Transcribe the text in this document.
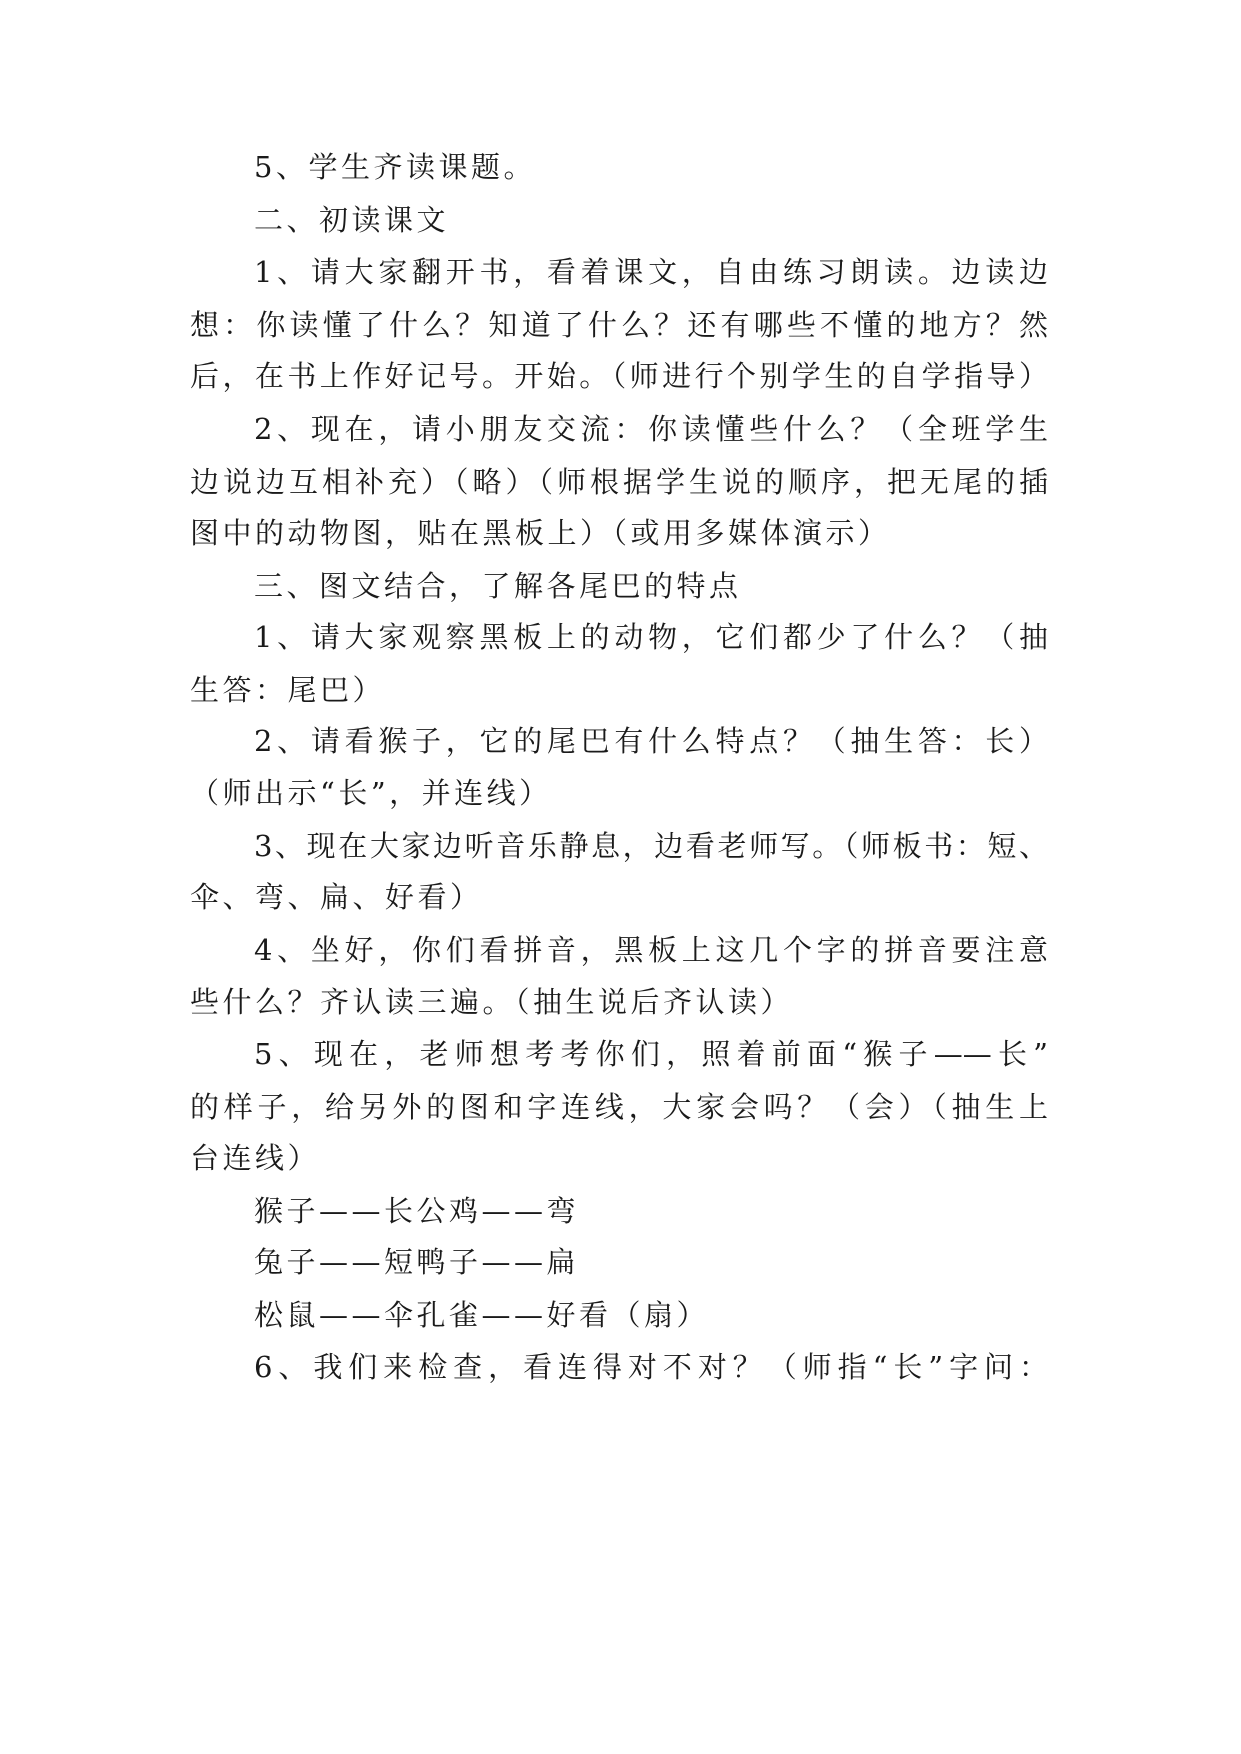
5、学生齐读课题。
二、初读课文
1、请大家翻开书，看着课文，自由练习朗读。边读边
想：你读懂了什么？知道了什么？还有哪些不懂的地方？然
后，在书上作好记号。开始。（师进行个别学生的自学指导）
2、现在，请小朋友交流：你读懂些什么？（全班学生
边说边互相补充）（略）（师根据学生说的顺序，把无尾的插
图中的动物图，贴在黑板上）（或用多媒体演示）
三、图文结合，了解各尾巴的特点
1、请大家观察黑板上的动物，它们都少了什么？（抽
生答：尾巴）
2、请看猴子，它的尾巴有什么特点？（抽生答：长）
（师出示“长”，并连线）
3、现在大家边听音乐静息，边看老师写。（师板书：短、
伞、弯、扁、好看）
4、坐好，你们看拼音，黑板上这几个字的拼音要注意
些什么？齐认读三遍。（抽生说后齐认读）
5、现在，老师想考考你们，照着前面“猴子——长”
的样子，给另外的图和字连线，大家会吗？（会）（抽生上
台连线）
猴子——长公鸡——弯
兔子——短鸭子——扁
松鼠——伞孔雀——好看（扇）
6、我们来检查，看连得对不对？（师指“长”字问：
